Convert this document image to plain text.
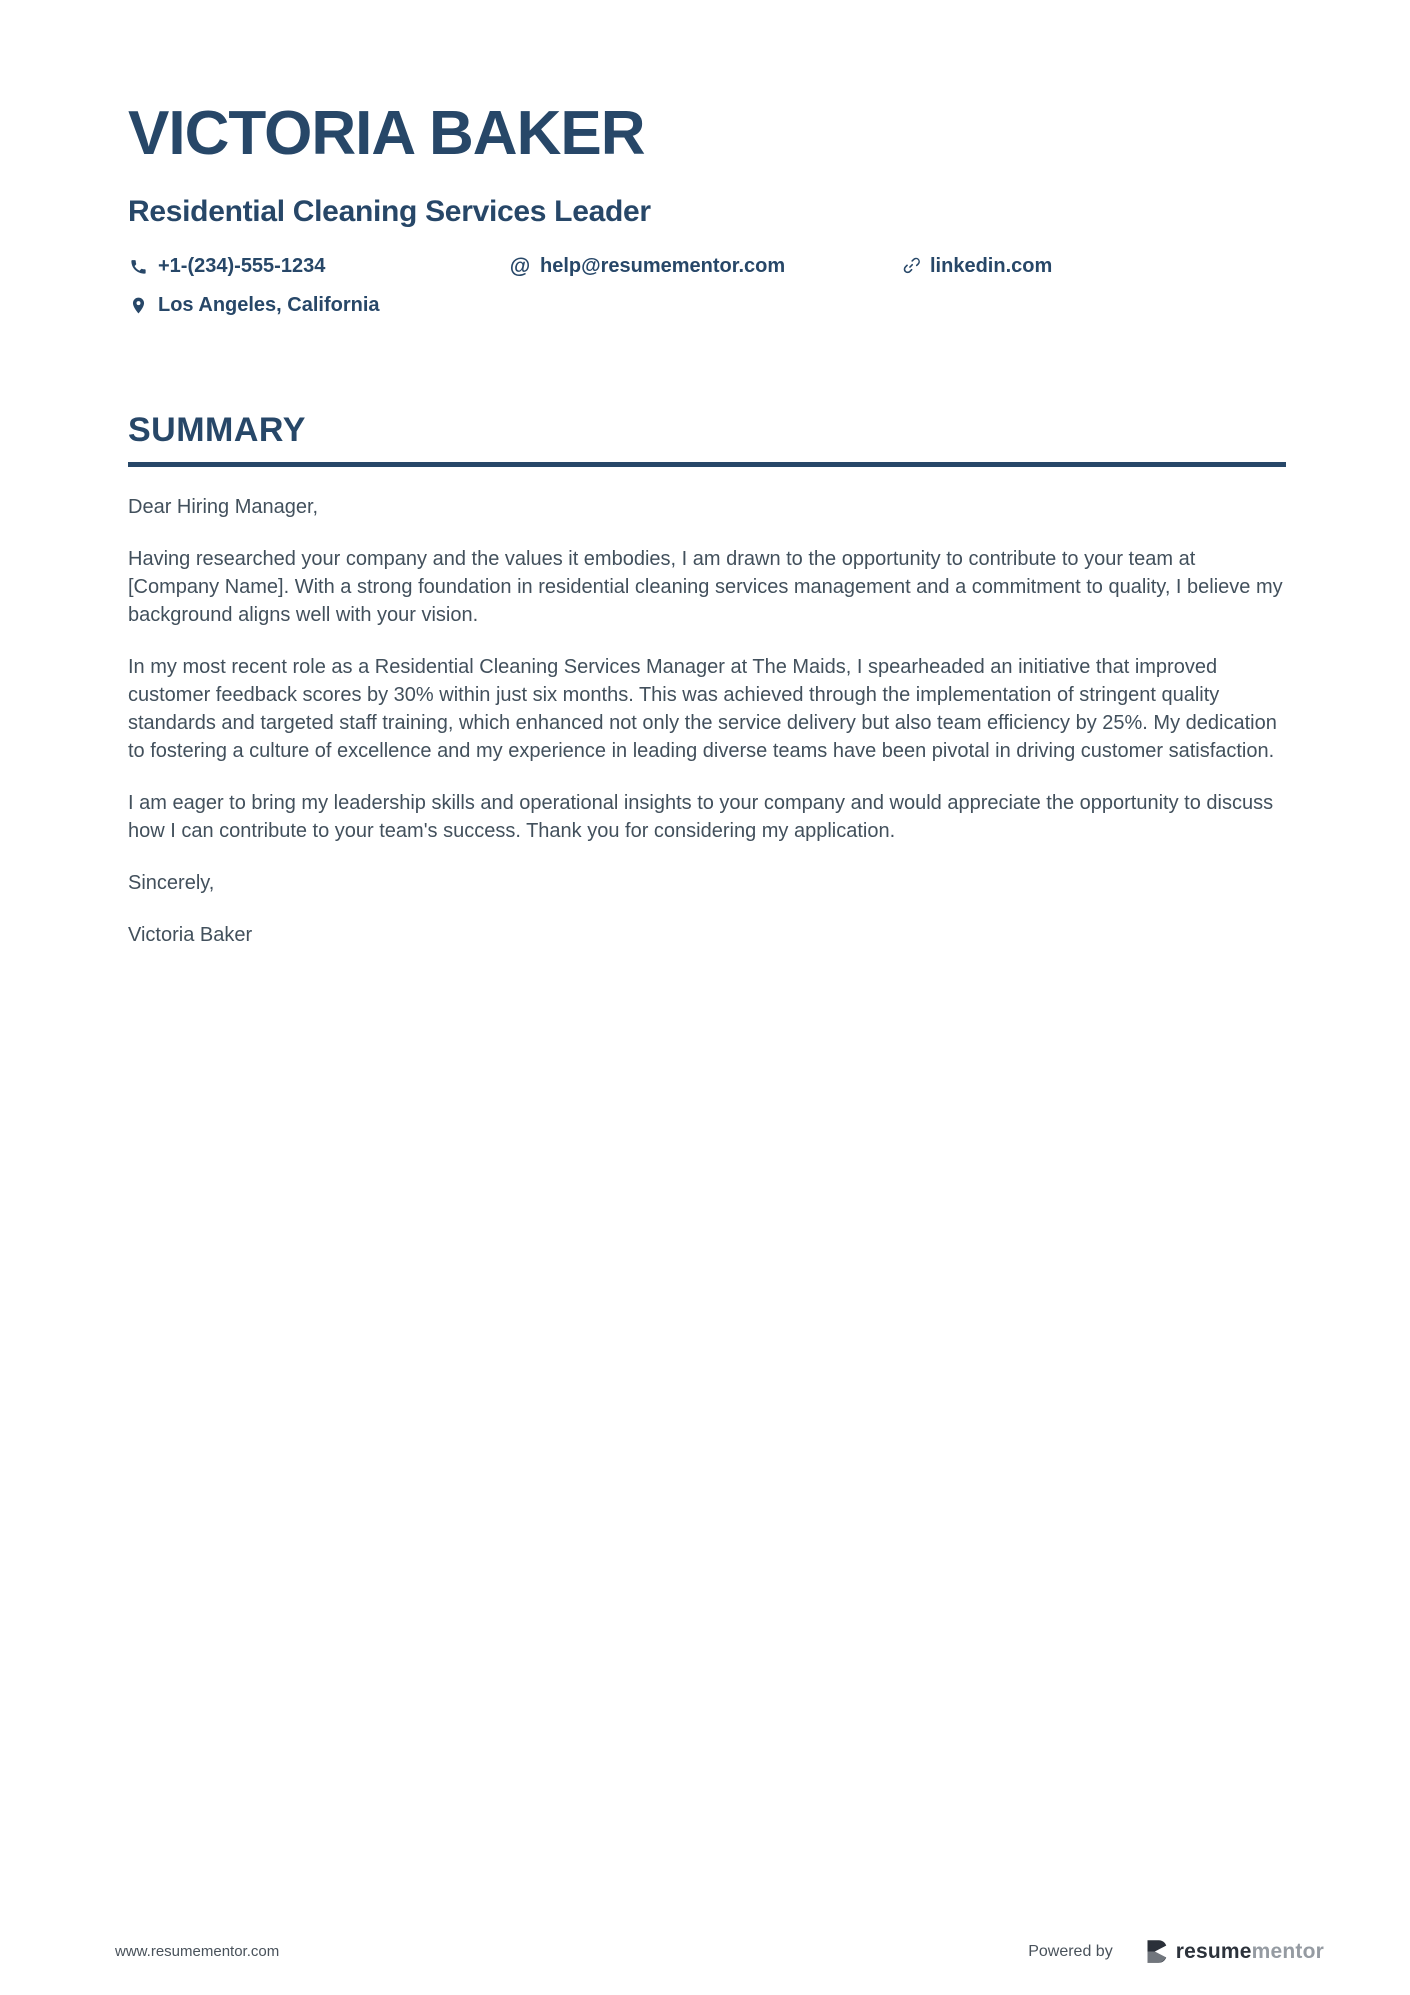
VICTORIA BAKER
Residential Cleaning Services Leader
+1-(234)-555-1234	@ help@resumementor.com	linkedin.com
Los Angeles, California
SUMMARY

Dear Hiring Manager,

Having researched your company and the values it embodies, I am drawn to the opportunity to contribute to your team at [Company Name]. With a strong foundation in residential cleaning services management and a commitment to quality, I believe my background aligns well with your vision.

In my most recent role as a Residential Cleaning Services Manager at The Maids, I spearheaded an initiative that improved customer feedback scores by 30% within just six months. This was achieved through the implementation of stringent quality standards and targeted staff training, which enhanced not only the service delivery but also team efficiency by 25%. My dedication to fostering a culture of excellence and my experience in leading diverse teams have been pivotal in driving customer satisfaction.

I am eager to bring my leadership skills and operational insights to your company and would appreciate the opportunity to discuss how I can contribute to your team's success. Thank you for considering my application.

Sincerely,

Victoria Baker

www.resumementor.com	Powered by	resumementor
